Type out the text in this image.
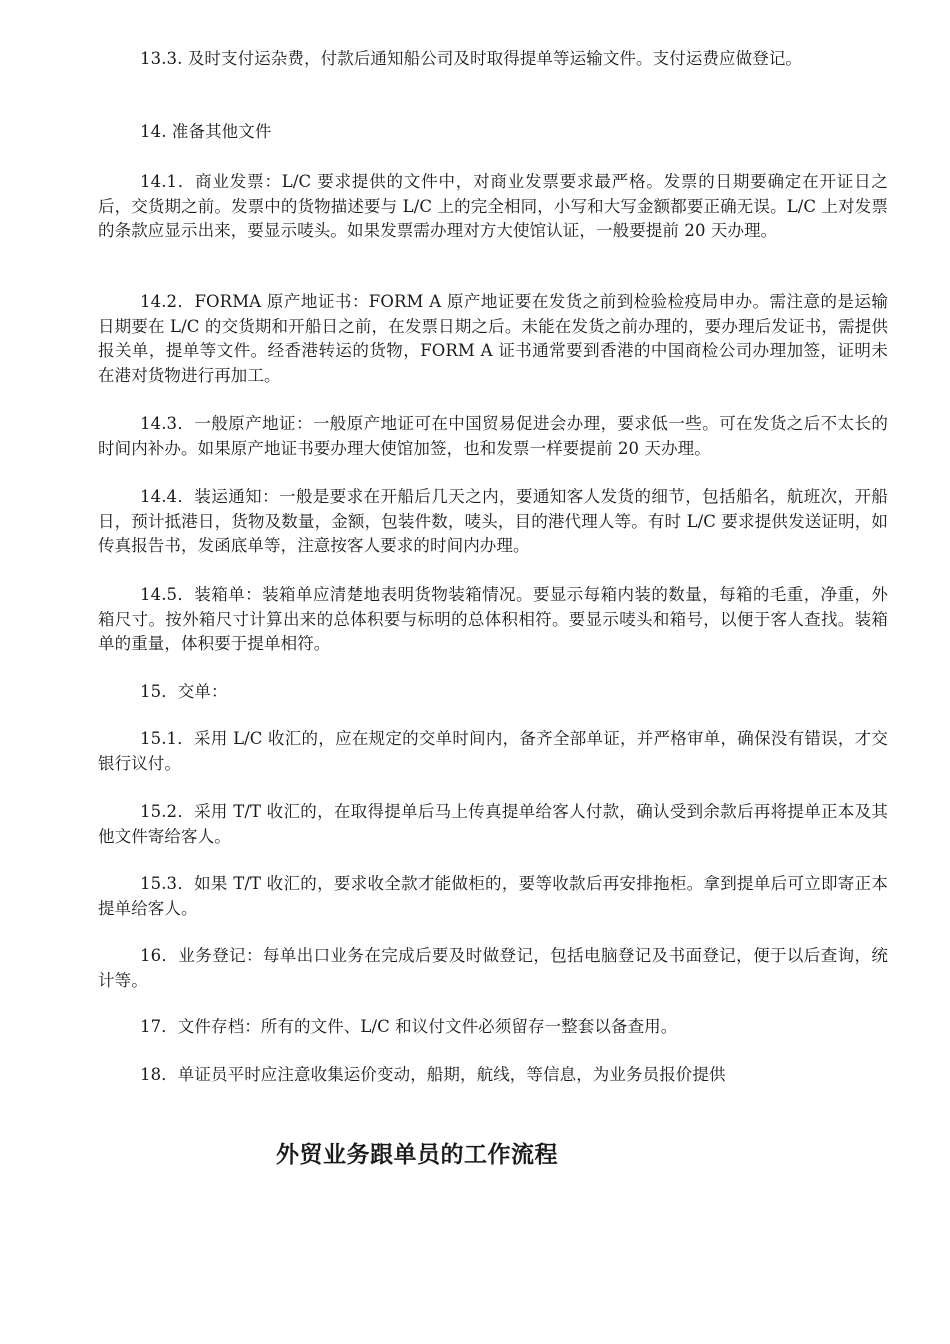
13.3. 及时支付运杂费，付款后通知船公司及时取得提单等运输文件。支付运费应做登记。

14. 准备其他文件

14.1．商业发票：L/C 要求提供的文件中，对商业发票要求最严格。发票的日期要确定在开证日之后，交货期之前。发票中的货物描述要与 L/C 上的完全相同，小写和大写金额都要正确无误。L/C 上对发票的条款应显示出来，要显示唛头。如果发票需办理对方大使馆认证，一般要提前 20 天办理。

14.2．FORMA 原产地证书：FORM A 原产地证要在发货之前到检验检疫局申办。需注意的是运输日期要在 L/C 的交货期和开船日之前，在发票日期之后。未能在发货之前办理的，要办理后发证书，需提供报关单，提单等文件。经香港转运的货物，FORM A 证书通常要到香港的中国商检公司办理加签，证明未在港对货物进行再加工。

14.3．一般原产地证：一般原产地证可在中国贸易促进会办理，要求低一些。可在发货之后不太长的时间内补办。如果原产地证书要办理大使馆加签，也和发票一样要提前 20 天办理。

14.4．装运通知：一般是要求在开船后几天之内，要通知客人发货的细节，包括船名，航班次，开船日，预计抵港日，货物及数量，金额，包装件数，唛头，目的港代理人等。有时 L/C 要求提供发送证明，如传真报告书，发函底单等，注意按客人要求的时间内办理。

14.5．装箱单：装箱单应清楚地表明货物装箱情况。要显示每箱内装的数量，每箱的毛重，净重，外箱尺寸。按外箱尺寸计算出来的总体积要与标明的总体积相符。要显示唛头和箱号，以便于客人查找。装箱单的重量，体积要于提单相符。

15．交单：

15.1．采用 L/C 收汇的，应在规定的交单时间内，备齐全部单证，并严格审单，确保没有错误，才交银行议付。

15.2．采用 T/T 收汇的，在取得提单后马上传真提单给客人付款，确认受到余款后再将提单正本及其他文件寄给客人。

15.3．如果 T/T 收汇的，要求收全款才能做柜的，要等收款后再安排拖柜。拿到提单后可立即寄正本提单给客人。

16．业务登记：每单出口业务在完成后要及时做登记，包括电脑登记及书面登记，便于以后查询，统计等。

17．文件存档：所有的文件、L/C 和议付文件必须留存一整套以备查用。

18．单证员平时应注意收集运价变动，船期，航线，等信息，为业务员报价提供

外贸业务跟单员的工作流程
